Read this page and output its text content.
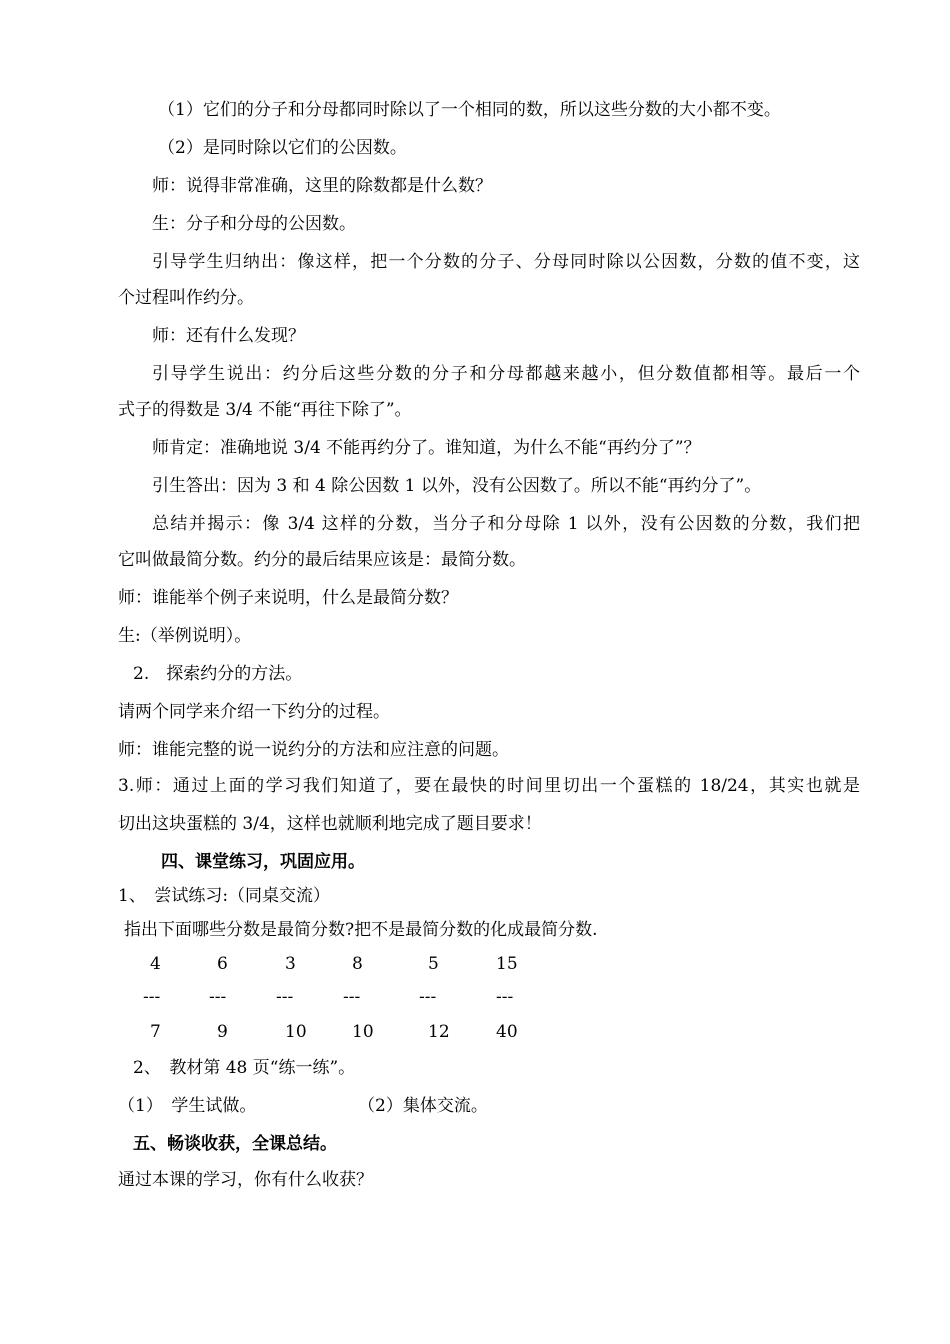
（1）它们的分子和分母都同时除以了一个相同的数，所以这些分数的大小都不变。
（2）是同时除以它们的公因数。
师：说得非常准确，这里的除数都是什么数？
生：分子和分母的公因数。
引导学生归纳出：像这样，把一个分数的分子、分母同时除以公因数，分数的值不变，这
个过程叫作约分。
师：还有什么发现？
引导学生说出：约分后这些分数的分子和分母都越来越小，但分数值都相等。最后一个
式子的得数是 3/4 不能“再往下除了”。
师肯定：准确地说 3/4 不能再约分了。谁知道，为什么不能“再约分了”？
引生答出：因为 3 和 4 除公因数 1 以外，没有公因数了。所以不能“再约分了”。
总结并揭示：像 3/4 这样的分数，当分子和分母除 1 以外，没有公因数的分数，我们把
它叫做最简分数。约分的最后结果应该是：最简分数。
师：谁能举个例子来说明，什么是最简分数？
生:（举例说明）。
2.　探索约分的方法。
请两个同学来介绍一下约分的过程。
师：谁能完整的说一说约分的方法和应注意的问题。
3.师：通过上面的学习我们知道了，要在最快的时间里切出一个蛋糕的 18/24，其实也就是
切出这块蛋糕的 3/4，这样也就顺利地完成了题目要求！
四、课堂练习，巩固应用。
1、　尝试练习:（同桌交流）
指出下面哪些分数是最简分数?把不是最简分数的化成最简分数.
4	6	3	8	5	15
---	---	---	---	---	---
7	9	10	10	12	40
2、　教材第 48 页“练一练”。
（1）　学生试做。	（2）集体交流。
五、畅谈收获，全课总结。
通过本课的学习，你有什么收获？
